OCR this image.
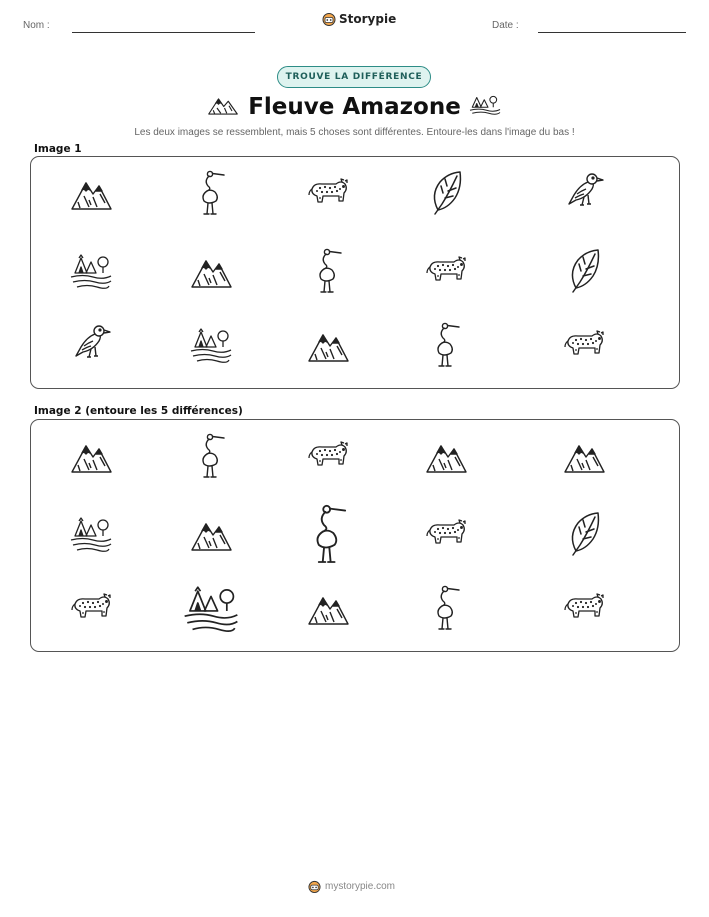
Nom :	Storypie	Date :
TROUVE LA DIFFÉRENCE
Fleuve Amazone
Les deux images se ressemblent, mais 5 choses sont différentes. Entoure-les dans l'image du bas !
Image 1
Image 2 (entoure les 5 différences)
mystorypie.com
